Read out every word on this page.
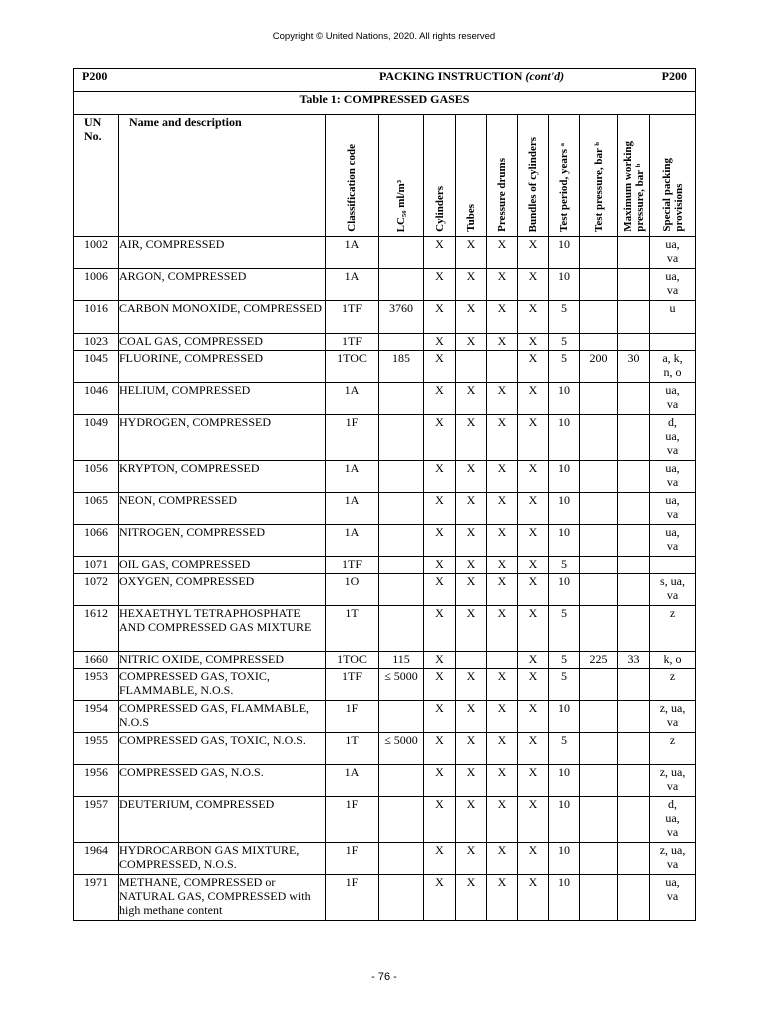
Copyright © United Nations, 2020. All rights reserved
P200		PACKING INSTRUCTION (cont'd)								P200	
Table 1: COMPRESSED GASES											
UN
No.	Name and description	Classification code	LC₅₀ ml/m³	Cylinders	Tubes	Pressure drums	Bundles of cylinders	Test period, years ᵃ	Test pressure, bar ᵇ	Maximum working
pressure, bar ᵇ	Special packing
provisions

1002	AIR, COMPRESSED	1A		X	X	X	X	10			ua,
va
1006	ARGON, COMPRESSED	1A		X	X	X	X	10			ua,
va
1016	CARBON MONOXIDE, COMPRESSED	1TF	3760	X	X	X	X	5			u
1023	COAL GAS, COMPRESSED	1TF		X	X	X	X	5			
1045	FLUORINE, COMPRESSED	1TOC	185	X			X	5	200	30	a, k,
n, o
1046	HELIUM, COMPRESSED	1A		X	X	X	X	10			ua,
va
1049	HYDROGEN, COMPRESSED	1F		X	X	X	X	10			d,
ua,
va
1056	KRYPTON, COMPRESSED	1A		X	X	X	X	10			ua,
va
1065	NEON, COMPRESSED	1A		X	X	X	X	10			ua,
va
1066	NITROGEN, COMPRESSED	1A		X	X	X	X	10			ua,
va
1071	OIL GAS, COMPRESSED	1TF		X	X	X	X	5			
1072	OXYGEN, COMPRESSED	1O		X	X	X	X	10			s, ua,
va
1612	HEXAETHYL TETRAPHOSPHATE AND COMPRESSED GAS MIXTURE	1T		X	X	X	X	5			z
1660	NITRIC OXIDE, COMPRESSED	1TOC	115	X			X	5	225	33	k, o
1953	COMPRESSED GAS, TOXIC, FLAMMABLE, N.O.S.	1TF	≤ 5000	X	X	X	X	5			z
1954	COMPRESSED GAS, FLAMMABLE, N.O.S	1F		X	X	X	X	10			z, ua,
va
1955	COMPRESSED GAS, TOXIC, N.O.S.	1T	≤ 5000	X	X	X	X	5			z
1956	COMPRESSED GAS, N.O.S.	1A		X	X	X	X	10			z, ua,
va
1957	DEUTERIUM, COMPRESSED	1F		X	X	X	X	10			d,
ua,
va
1964	HYDROCARBON GAS MIXTURE, COMPRESSED, N.O.S.	1F		X	X	X	X	10			z, ua,
va
1971	METHANE, COMPRESSED or NATURAL GAS, COMPRESSED with high methane content	1F		X	X	X	X	10			ua,
va
- 76 -
